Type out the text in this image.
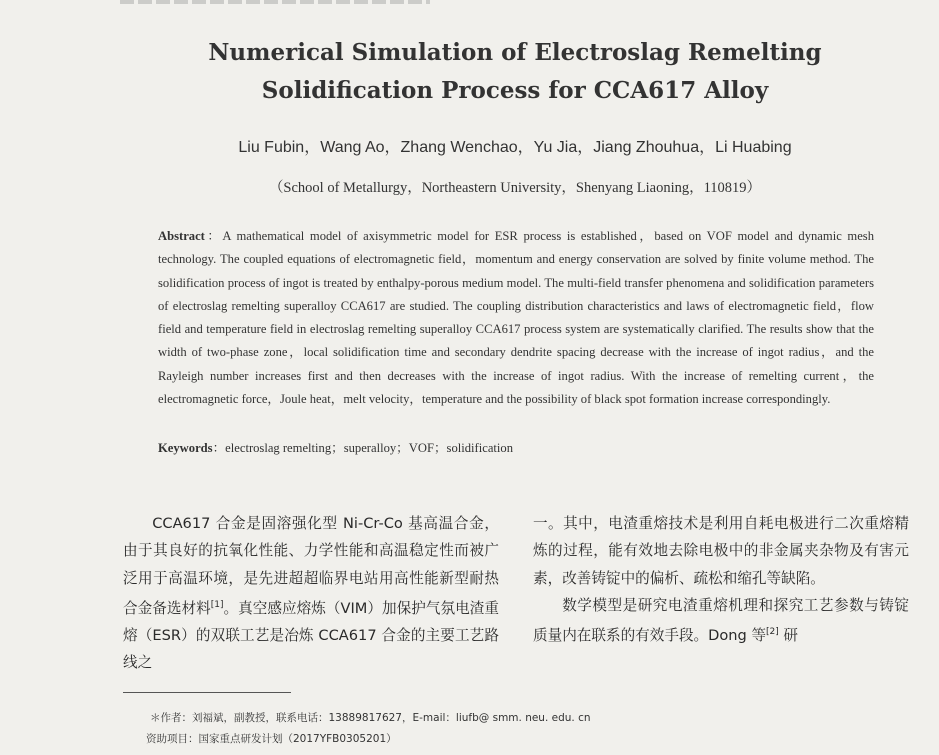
Numerical Simulation of Electroslag Remelting
Solidification Process for CCA617 Alloy
Liu Fubin，Wang Ao，Zhang Wenchao，Yu Jia，Jiang Zhouhua，Li Huabing
（School of Metallurgy，Northeastern University，Shenyang Liaoning，110819）
Abstract：A mathematical model of axisymmetric model for ESR process is established，based on VOF model and dynamic mesh technology. The coupled equations of electromagnetic field，momentum and energy conservation are solved by finite volume method. The solidification process of ingot is treated by enthalpy-porous medium model. The multi-field transfer phenomena and solidification parameters of electroslag remelting superalloy CCA617 are studied. The coupling distribution characteristics and laws of electromagnetic field，flow field and temperature field in electroslag remelting superalloy CCA617 process system are systematically clarified. The results show that the width of two-phase zone，local solidification time and secondary dendrite spacing decrease with the increase of ingot radius，and the Rayleigh number increases first and then decreases with the increase of ingot radius. With the increase of remelting current，the electromagnetic force，Joule heat，melt velocity，temperature and the possibility of black spot formation increase correspondingly.
Keywords：electroslag remelting；superalloy；VOF；solidification

CCA617 合金是固溶强化型 Ni-Cr-Co 基高温合金，由于其良好的抗氧化性能、力学性能和高温稳定性而被广泛用于高温环境，是先进超超临界电站用高性能新型耐热合金备选材料[1]。真空感应熔炼（VIM）加保护气氛电渣重熔（ESR）的双联工艺是冶炼 CCA617 合金的主要工艺路线之

一。其中，电渣重熔技术是利用自耗电极进行二次重熔精炼的过程，能有效地去除电极中的非金属夹杂物及有害元素，改善铸锭中的偏析、疏松和缩孔等缺陷。

数学模型是研究电渣重熔机理和探究工艺参数与铸锭质量内在联系的有效手段。Dong 等[2] 研

＊作者：刘福斌，副教授，联系电话：13889817627，E-mail：liufb@ smm. neu. edu. cn
资助项目：国家重点研发计划（2017YFB0305201）
